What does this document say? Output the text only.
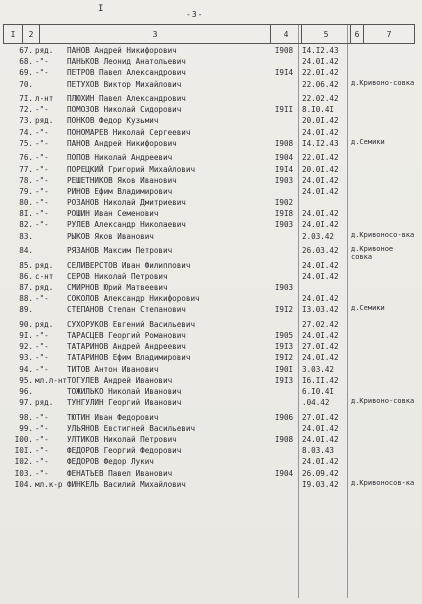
I
-3-
I	2	3	4	5	6	7
67. ряд.	ПАНОВ Андрей Никифорович	I908	I4.I2.43
68. -"-	ПАНЬКОВ Леонид Анатольевич	24.0I.42
69. -"-	ПЕТРОВ Павел Александрович	I9I4	22.0I.42
70.	ПЕТУХОВ Виктор Михайлович	22.06.42	д.Кривоно-совка
7I. л-нт	ПЛЮХИН Павел Александрович	22.02.42
72. -"-	ПОМОЗОВ Николай Сидорович	I9II	8.I0.4I
73. ряд.	ПОНКОВ Федор Кузьмич	20.0I.42
74. -"-	ПОНОМАРЕВ Николай Сергеевич	24.0I.42
75. -"-	ПАНОВ Андрей Никифорович	I908	I4.I2.43	д.Семики
76. -"-	ПОПОВ Николай Андреевич	I904	22.0I.42
77. -"-	ПОРЕЦКИЙ Григорий Михайлович	I9I4	20.0I.42
78. -"-	РЕШЕТНИКОВ Яков Иванович	I903	24.0I.42
79. -"-	РИНОВ Ефим Владимирович	24.0I.42
80. -"-	РОЗАНОВ Николай Дмитриевич	I902
8I. -"-	РОШИН Иван Семенович	I9I8	24.0I.42
82. -"-	РУЛЕВ Александр Николаевич	I903	24.0I.42
83.	РЫКОВ Яков Иванович	2.03.42	д.Кривоносо-вка
84.	РЯЗАНОВ Максим Петрович	26.03.42	д.Кривоное совка
85. ряд.	СЕЛИВЕРСТОВ Иван Филиппович	24.0I.42
86. с-нт	СЕРОВ Николай Петрович	24.0I.42
87. ряд.	СМИРНОВ Юрий Матвеевич	I903
88. -"-	СОКОЛОВ Александр Никифорович	24.0I.42
89.	СТЕПАНОВ Степан Степанович	I9I2	I3.03.42	д.Семики
90. ряд.	СУХОРУКОВ Евгений Васильевич	27.02.42
9I. -"-	ТАРАСЦЕВ Георгий Романович	I905	24.0I.42
92. -"-	ТАТАРИНОВ Андрей Андреевич	I9I3	27.0I.42
93. -"-	ТАТАРИНОВ Ефим Владимирович	I9I2	24.0I.42
94. -"-	ТИТОВ Антон Иванович	I90I	3.03.42
95. мл.л-нт ТОГУЛЕВ Андрей Иванович	I9I3	I6.II.42
96.	ТОЖИЛЬКО Николай Иванович	6.I0.4I
97. ряд.	ТУНГУЛИН Георгий Иванович	.04.42	д.Кривоно-совка
98. -"-	ТЮТИН Иван Федорович	I906	27.0I.42
99. -"-	УЛЬЯНОВ Евстигней Васильевич	24.0I.42
I00. -"-	УЛТИКОВ Николай Петрович	I908	24.0I.42
I0I. -"-	ФЕДОРОВ Георгий Федорович	8.03.43
I02. -"-	ФЕДОРОВ Федор Лукич	24.0I.42
I03. -"-	ФЕНАТЬЕВ Павел Иванович	I904	26.09.42
I04. мл.к-р ФИНКЕЛЬ Василий Михайлович	I9.03.42	д.Кривоносов-ка
